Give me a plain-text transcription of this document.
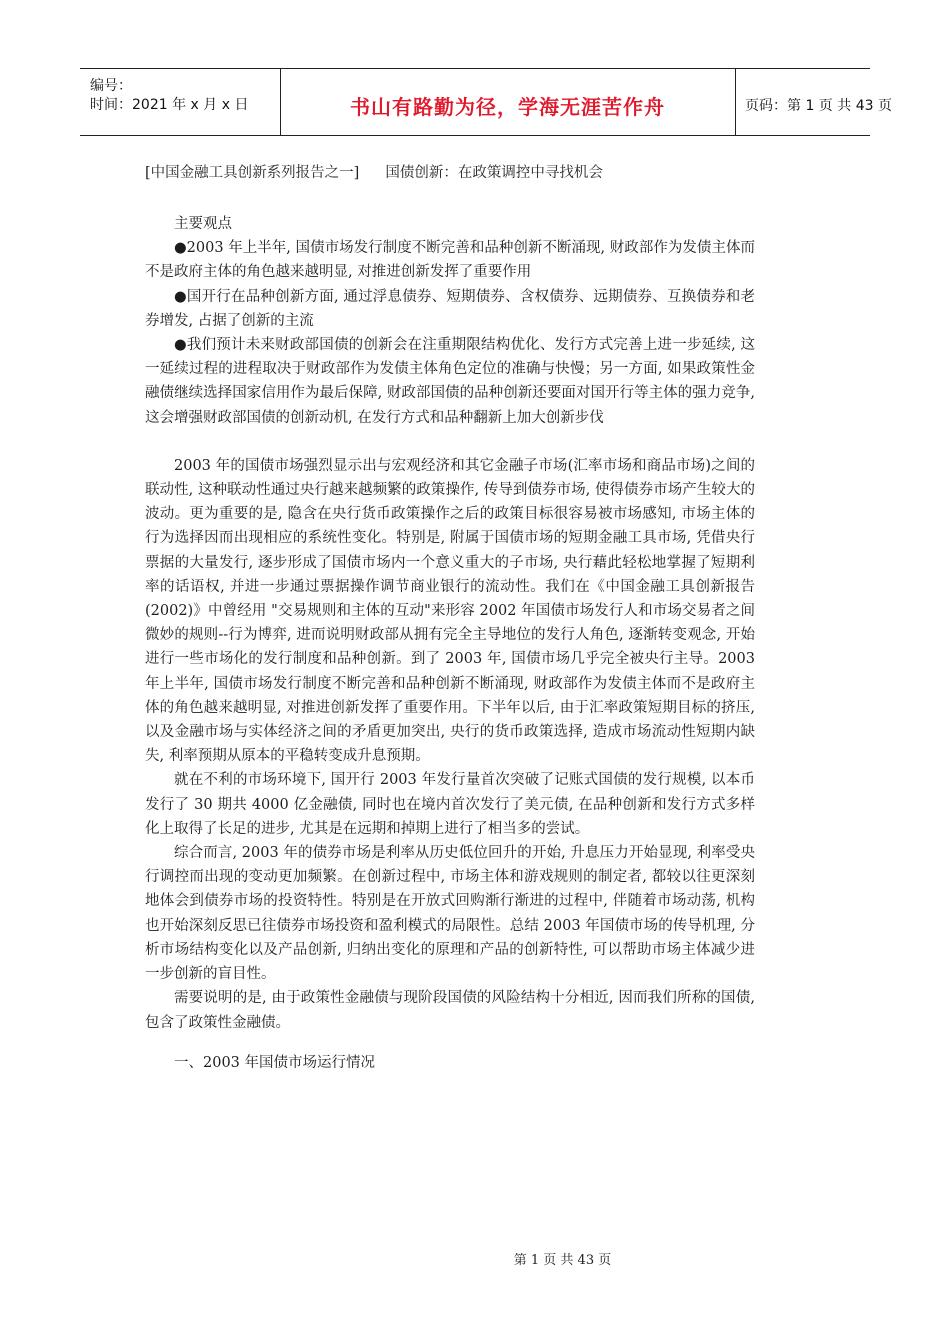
编号：
时间：2021 年 x 月 x 日	书山有路勤为径，学海无涯苦作舟	页码：第 1 页 共 43 页
[中国金融工具创新系列报告之一] 国债创新：在政策调控中寻找机会

主要观点

●2003 年上半年, 国债市场发行制度不断完善和品种创新不断涌现, 财政部作为发债主体而不是政府主体的角色越来越明显, 对推进创新发挥了重要作用

●国开行在品种创新方面, 通过浮息债券、短期债券、含权债券、远期债券、互换债券和老券增发, 占据了创新的主流

●我们预计未来财政部国债的创新会在注重期限结构优化、发行方式完善上进一步延续, 这一延续过程的进程取决于财政部作为发债主体角色定位的准确与快慢；另一方面, 如果政策性金融债继续选择国家信用作为最后保障, 财政部国债的品种创新还要面对国开行等主体的强力竞争, 这会增强财政部国债的创新动机, 在发行方式和品种翻新上加大创新步伐

2003 年的国债市场强烈显示出与宏观经济和其它金融子市场(汇率市场和商品市场)之间的联动性, 这种联动性通过央行越来越频繁的政策操作, 传导到债券市场, 使得债券市场产生较大的波动。更为重要的是, 隐含在央行货币政策操作之后的政策目标很容易被市场感知, 市场主体的行为选择因而出现相应的系统性变化。特别是, 附属于国债市场的短期金融工具市场, 凭借央行票据的大量发行, 逐步形成了国债市场内一个意义重大的子市场, 央行藉此轻松地掌握了短期利率的话语权, 并进一步通过票据操作调节商业银行的流动性。我们在《中国金融工具创新报告(2002)》中曾经用 "交易规则和主体的互动"来形容 2002 年国债市场发行人和市场交易者之间微妙的规则--行为博弈, 进而说明财政部从拥有完全主导地位的发行人角色, 逐渐转变观念, 开始进行一些市场化的发行制度和品种创新。到了 2003 年, 国债市场几乎完全被央行主导。2003 年上半年, 国债市场发行制度不断完善和品种创新不断涌现, 财政部作为发债主体而不是政府主体的角色越来越明显, 对推进创新发挥了重要作用。下半年以后, 由于汇率政策短期目标的挤压, 以及金融市场与实体经济之间的矛盾更加突出, 央行的货币政策选择, 造成市场流动性短期内缺失, 利率预期从原本的平稳转变成升息预期。

就在不利的市场环境下, 国开行 2003 年发行量首次突破了记账式国债的发行规模, 以本币发行了 30 期共 4000 亿金融债, 同时也在境内首次发行了美元债, 在品种创新和发行方式多样化上取得了长足的进步, 尤其是在远期和掉期上进行了相当多的尝试。

综合而言, 2003 年的债券市场是利率从历史低位回升的开始, 升息压力开始显现, 利率受央行调控而出现的变动更加频繁。在创新过程中, 市场主体和游戏规则的制定者, 都较以往更深刻地体会到债券市场的投资特性。特别是在开放式回购渐行渐进的过程中, 伴随着市场动荡, 机构也开始深刻反思已往债券市场投资和盈利模式的局限性。总结 2003 年国债市场的传导机理, 分析市场结构变化以及产品创新, 归纳出变化的原理和产品的创新特性, 可以帮助市场主体减少进一步创新的盲目性。

需要说明的是, 由于政策性金融债与现阶段国债的风险结构十分相近, 因而我们所称的国债, 包含了政策性金融债。

一、2003 年国债市场运行情况

第 1 页 共 43 页
